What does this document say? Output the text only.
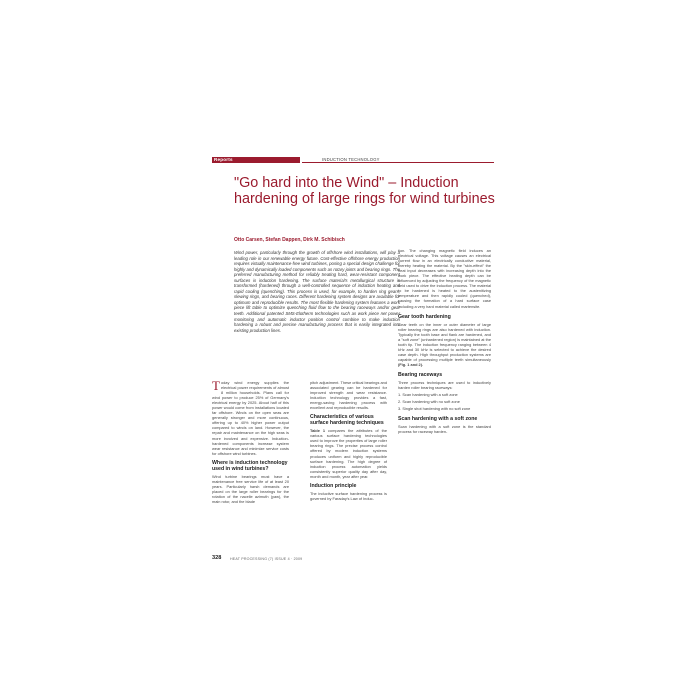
Reports	INDUCTION TECHNOLOGY
"Go hard into the Wind" – Induction hardening of large rings for wind turbines
Otto Carsen, Stefan Dappen, Dirk M. Schibisch

Wind power, particularly through the growth of offshore wind installations, will play a leading role in our renewable energy future. Cost-effective offshore energy production requires virtually maintenance-free wind turbines, posing a special design challenge for highly and dynamically loaded components such as rotary joints and bearing rings. The preferred manufacturing method for reliably treating hard, wear-resistant component surfaces is induction hardening. The surface material's metallurgical structure is transformed (hardened) through a well-controlled sequence of induction heating and rapid cooling (quenching). This process is used, for example, to harden ring gears, slewing rings, and bearing races. Different hardening system designs are available for optimum and reproducible results. The most flexible hardening system features a work piece lift table to optimize quenching fluid flow to the bearing raceways and/or gear teeth. Additional patented SMS-Elotherm technologies such as work piece net power monitoring and automatic inductor position control combine to make induction hardening a robust and precise manufacturing process that is easily integrated into existing production lines.

Today wind energy supplies the electrical power requirements of almost 8 million households. Plans call for wind power to produce 25% of Germany's electrical energy by 2025. About half of this power would come from installations located far offshore. Winds on the open seas are generally stronger and more continuous, offering up to 40% higher power output compared to winds on land. However, the repair and maintenance on the high seas is more involved and expensive. Induction-hardened components increase system wear resistance and minimize service costs for offshore wind turbines.

Where is induction technology used in wind turbines?

Wind turbine bearings must have a maintenance free service life of at least 20 years. Particularly harsh demands are placed on the large roller bearings for the rotation of the nacelle azimuth (yaw), the main rotor, and the blade

pitch adjustment. These critical bearings and associated gearing can be hardened for improved strength and wear resistance. Induction technology provides a fast, energy-saving hardening process with excellent and reproducible results.

Characteristics of various surface hardening techniques

Table 1 compares the attributes of the various surface hardening technologies used to improve the properties of large roller bearing rings. The precise process control offered by modern induction systems produces uniform and highly reproducible surface hardening. The high degree of induction process automation yields consistently superior quality day after day, month and month, year after year.

Induction principle

The inductive surface hardening process is governed by Faraday's Law of Induc-

tion. The changing magnetic field induces an electrical voltage. This voltage causes an electrical current flow in an electrically conductive material, thereby heating the material. By the "skin-effect" the heat input decreases with increasing depth into the work piece. The effective heating depth can be influenced by adjusting the frequency of the magnetic field used to drive the induction process. The material to be hardened is heated to the austenitizing temperature and then rapidly cooled (quenched), causing the formation of a hard surface case including a very hard material called martensite.

Gear tooth hardening

Gear teeth on the inner or outer diameter of large roller bearing rings are also hardened with induction. Typically the tooth base and flank are hardened, and a "soft zone" (unhardened region) is maintained at the tooth tip. The induction frequency ranging between 4 kHz and 30 kHz is selected to achieve the desired case depth. High throughput production systems are capable of processing multiple teeth simultaneously (Fig. 1 and 2).

Bearing raceways

Three process techniques are used to inductively harden roller bearing raceways:

1. Scan hardening with a soft zone

2. Scan hardening with no soft zone

3. Single shot hardening with no soft zone

Scan hardening with a soft zone

Scan hardening with a soft zone is the standard process for raceway harden-

328 HEAT PROCESSING (7) ISSUE 4 · 2009
